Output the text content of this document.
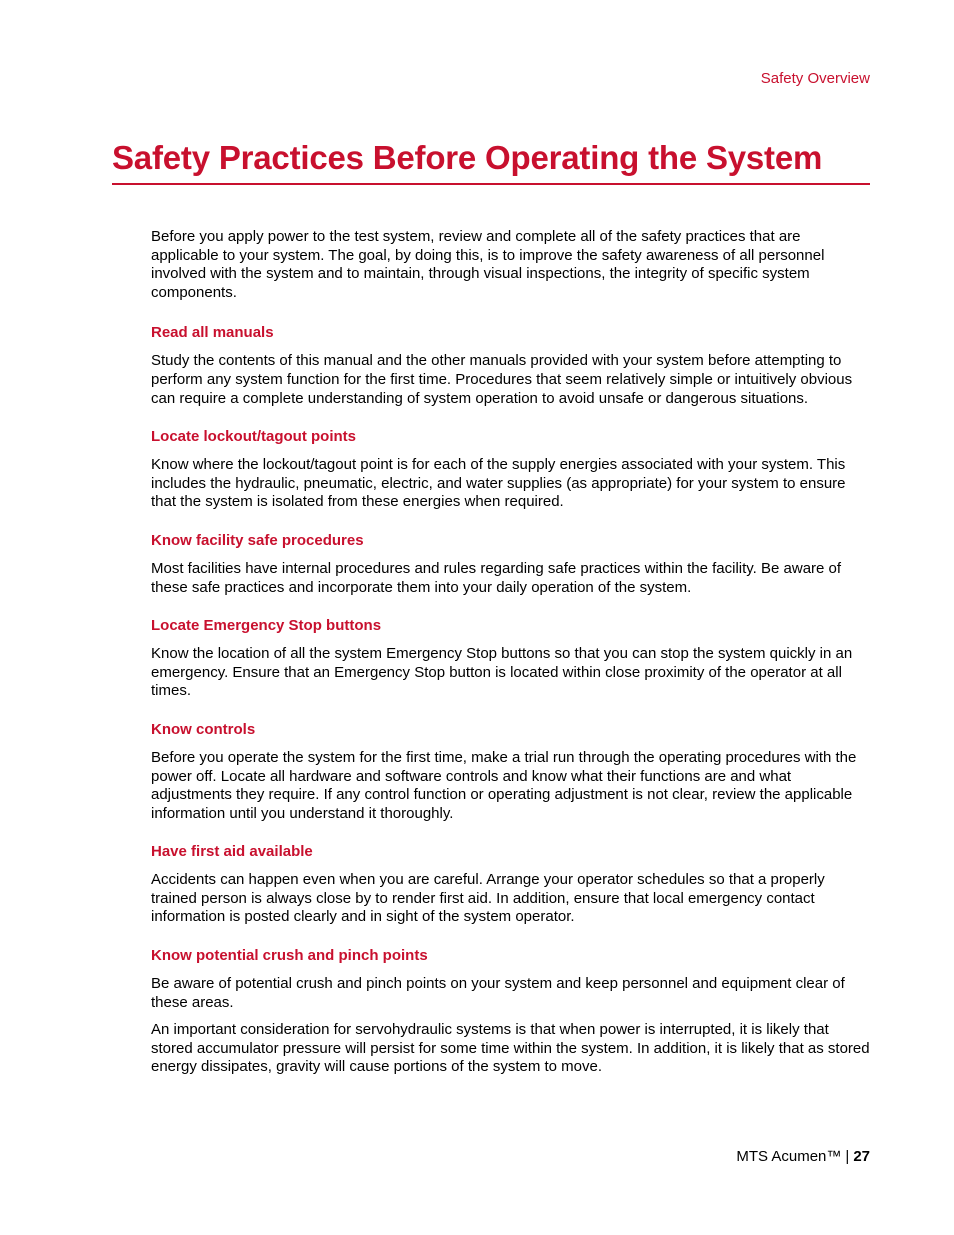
Safety Overview
Safety Practices Before Operating the System

Before you apply power to the test system, review and complete all of the safety practices that are applicable to your system. The goal, by doing this, is to improve the safety awareness of all personnel involved with the system and to maintain, through visual inspections, the integrity of specific system components.

Read all manuals

Study the contents of this manual and the other manuals provided with your system before attempting to perform any system function for the first time. Procedures that seem relatively simple or intuitively obvious can require a complete understanding of system operation to avoid unsafe or dangerous situations.

Locate lockout/tagout points

Know where the lockout/tagout point is for each of the supply energies associated with your system. This includes the hydraulic, pneumatic, electric, and water supplies (as appropriate) for your system to ensure that the system is isolated from these energies when required.

Know facility safe procedures

Most facilities have internal procedures and rules regarding safe practices within the facility. Be aware of these safe practices and incorporate them into your daily operation of the system.

Locate Emergency Stop buttons

Know the location of all the system Emergency Stop buttons so that you can stop the system quickly in an emergency. Ensure that an Emergency Stop button is located within close proximity of the operator at all times.

Know controls

Before you operate the system for the first time, make a trial run through the operating procedures with the power off. Locate all hardware and software controls and know what their functions are and what adjustments they require. If any control function or operating adjustment is not clear, review the applicable information until you understand it thoroughly.

Have first aid available

Accidents can happen even when you are careful. Arrange your operator schedules so that a properly trained person is always close by to render first aid. In addition, ensure that local emergency contact information is posted clearly and in sight of the system operator.

Know potential crush and pinch points

Be aware of potential crush and pinch points on your system and keep personnel and equipment clear of these areas.

An important consideration for servohydraulic systems is that when power is interrupted, it is likely that stored accumulator pressure will persist for some time within the system. In addition, it is likely that as stored energy dissipates, gravity will cause portions of the system to move.

MTS Acumen™ | 27
